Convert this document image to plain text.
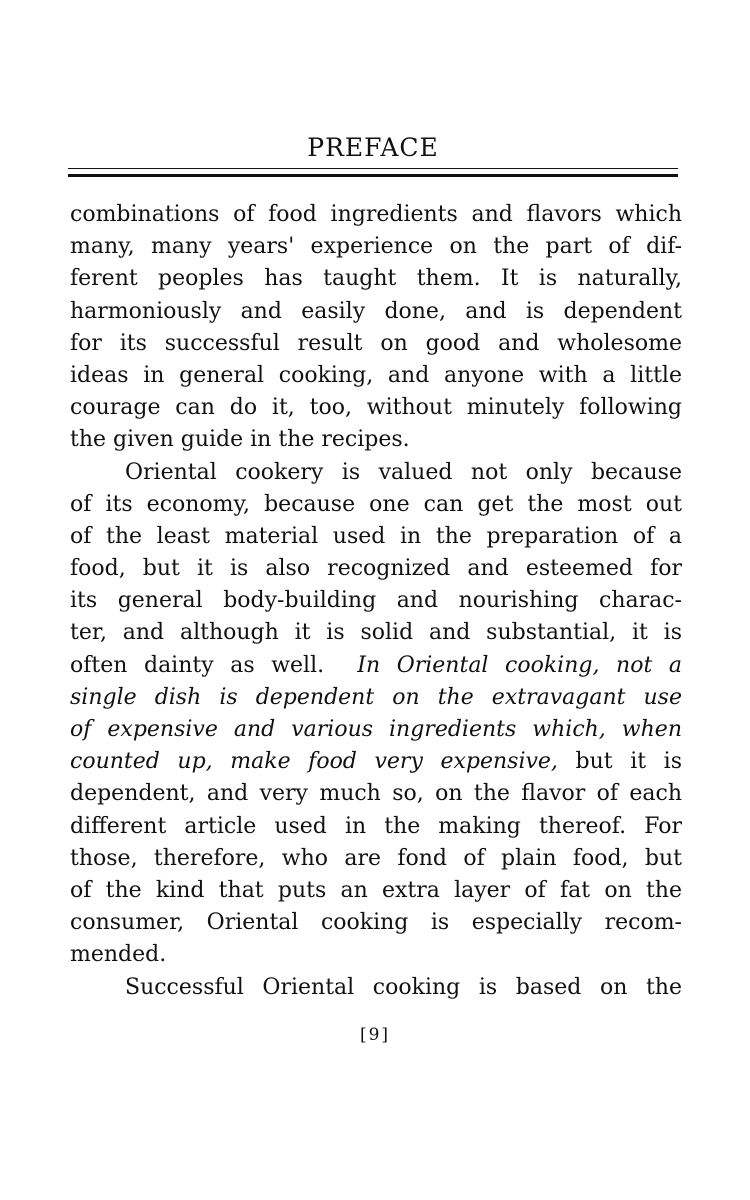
PREFACE
combinations of food ingredients and flavors which
many, many years' experience on the part of dif-
ferent peoples has taught them. It is naturally,
harmoniously and easily done, and is dependent
for its successful result on good and wholesome
ideas in general cooking, and anyone with a little
courage can do it, too, without minutely following
the given guide in the recipes.
Oriental cookery is valued not only because
of its economy, because one can get the most out
of the least material used in the preparation of a
food, but it is also recognized and esteemed for
its general body-building and nourishing charac-
ter, and although it is solid and substantial, it is
often dainty as well. In Oriental cooking, not a
single dish is dependent on the extravagant use
of expensive and various ingredients which, when
counted up, make food very expensive, but it is
dependent, and very much so, on the flavor of each
different article used in the making thereof. For
those, therefore, who are fond of plain food, but
of the kind that puts an extra layer of fat on the
consumer, Oriental cooking is especially recom-
mended.
Successful Oriental cooking is based on the
[9]
